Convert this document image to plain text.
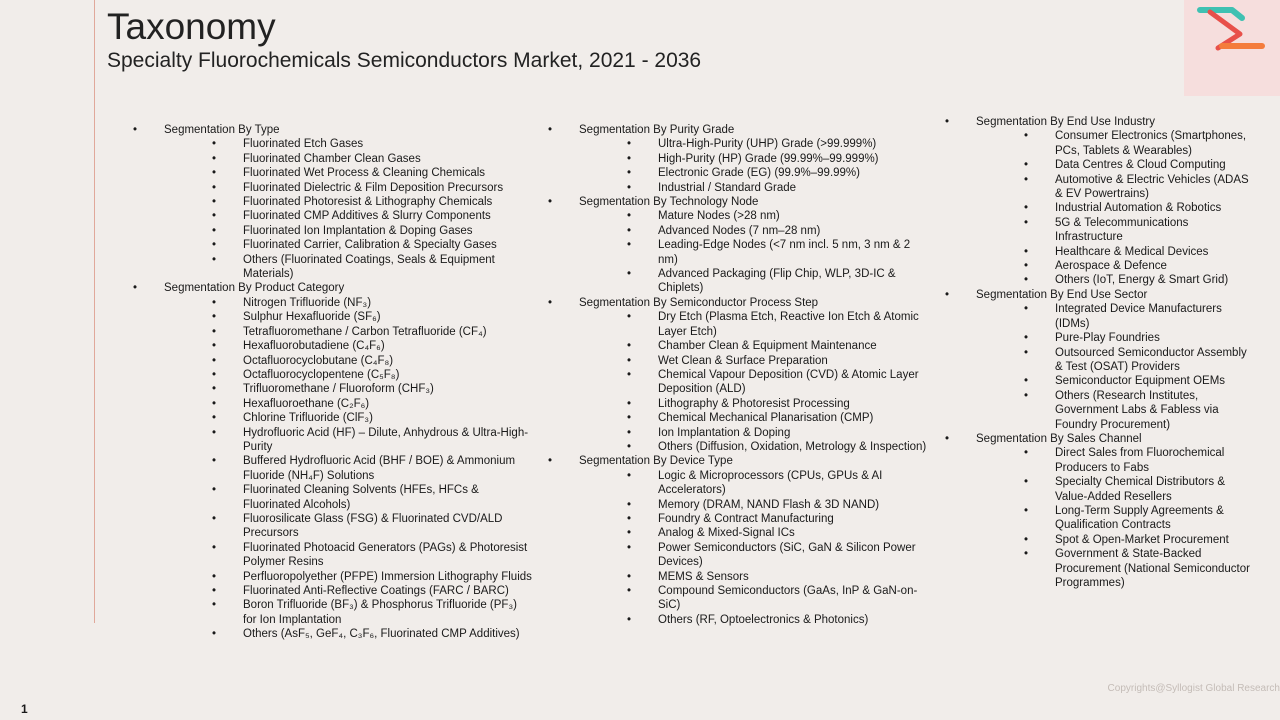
Taxonomy
Specialty Fluorochemicals Semiconductors Market, 2021 - 2036
• Segmentation By Type
• Fluorinated Etch Gases
• Fluorinated Chamber Clean Gases
• Fluorinated Wet Process & Cleaning Chemicals
• Fluorinated Dielectric & Film Deposition Precursors
• Fluorinated Photoresist & Lithography Chemicals
• Fluorinated CMP Additives & Slurry Components
• Fluorinated Ion Implantation & Doping Gases
• Fluorinated Carrier, Calibration & Specialty Gases
• Others (Fluorinated Coatings, Seals & Equipment Materials)
• Segmentation By Product Category
• Nitrogen Trifluoride (NF₃)
• Sulphur Hexafluoride (SF₆)
• Tetrafluoromethane / Carbon Tetrafluoride (CF₄)
• Hexafluorobutadiene (C₄F₆)
• Octafluorocyclobutane (C₄F₈)
• Octafluorocyclopentene (C₅F₈)
• Trifluoromethane / Fluoroform (CHF₃)
• Hexafluoroethane (C₂F₆)
• Chlorine Trifluoride (ClF₃)
• Hydrofluoric Acid (HF) – Dilute, Anhydrous & Ultra-High-Purity
• Buffered Hydrofluoric Acid (BHF / BOE) & Ammonium Fluoride (NH₄F) Solutions
• Fluorinated Cleaning Solvents (HFEs, HFCs & Fluorinated Alcohols)
• Fluorosilicate Glass (FSG) & Fluorinated CVD/ALD Precursors
• Fluorinated Photoacid Generators (PAGs) & Photoresist Polymer Resins
• Perfluoropolyether (PFPE) Immersion Lithography Fluids
• Fluorinated Anti-Reflective Coatings (FARC / BARC)
• Boron Trifluoride (BF₃) & Phosphorus Trifluoride (PF₃) for Ion Implantation
• Others (AsF₅, GeF₄, C₃F₆, Fluorinated CMP Additives)
• Segmentation By Purity Grade
• Ultra-High-Purity (UHP) Grade (>99.999%)
• High-Purity (HP) Grade (99.99%–99.999%)
• Electronic Grade (EG) (99.9%–99.99%)
• Industrial / Standard Grade
• Segmentation By Technology Node
• Mature Nodes (>28 nm)
• Advanced Nodes (7 nm–28 nm)
• Leading-Edge Nodes (<7 nm incl. 5 nm, 3 nm & 2 nm)
• Advanced Packaging (Flip Chip, WLP, 3D-IC & Chiplets)
• Segmentation By Semiconductor Process Step
• Dry Etch (Plasma Etch, Reactive Ion Etch & Atomic Layer Etch)
• Chamber Clean & Equipment Maintenance
• Wet Clean & Surface Preparation
• Chemical Vapour Deposition (CVD) & Atomic Layer Deposition (ALD)
• Lithography & Photoresist Processing
• Chemical Mechanical Planarisation (CMP)
• Ion Implantation & Doping
• Others (Diffusion, Oxidation, Metrology & Inspection)
• Segmentation By Device Type
• Logic & Microprocessors (CPUs, GPUs & AI Accelerators)
• Memory (DRAM, NAND Flash & 3D NAND)
• Foundry & Contract Manufacturing
• Analog & Mixed-Signal ICs
• Power Semiconductors (SiC, GaN & Silicon Power Devices)
• MEMS & Sensors
• Compound Semiconductors (GaAs, InP & GaN-on-SiC)
• Others (RF, Optoelectronics & Photonics)
• Segmentation By End Use Industry
• Consumer Electronics (Smartphones, PCs, Tablets & Wearables)
• Data Centres & Cloud Computing
• Automotive & Electric Vehicles (ADAS & EV Powertrains)
• Industrial Automation & Robotics
• 5G & Telecommunications Infrastructure
• Healthcare & Medical Devices
• Aerospace & Defence
• Others (IoT, Energy & Smart Grid)
• Segmentation By End Use Sector
• Integrated Device Manufacturers (IDMs)
• Pure-Play Foundries
• Outsourced Semiconductor Assembly & Test (OSAT) Providers
• Semiconductor Equipment OEMs
• Others (Research Institutes, Government Labs & Fabless via Foundry Procurement)
• Segmentation By Sales Channel
• Direct Sales from Fluorochemical Producers to Fabs
• Specialty Chemical Distributors & Value-Added Resellers
• Long-Term Supply Agreements & Qualification Contracts
• Spot & Open-Market Procurement
• Government & State-Backed Procurement (National Semiconductor Programmes)
Copyrights@Syllogist Global Research
1
